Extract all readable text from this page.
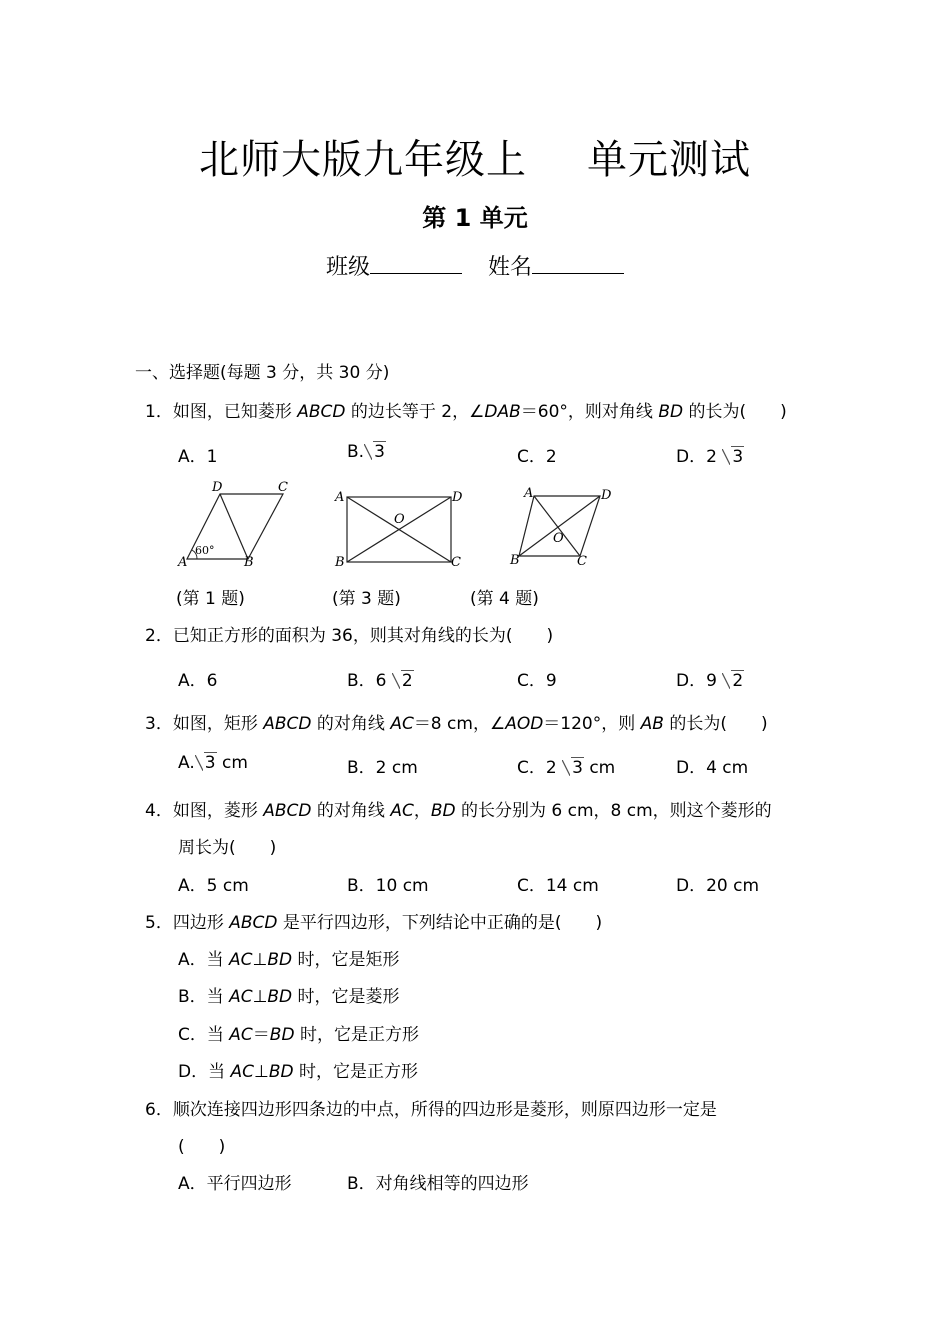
北师大版九年级上 单元测试
第 1 单元
班级	姓名
一、选择题(每题 3 分，共 30 分)
1．如图，已知菱形 ABCD 的边长等于 2，∠DAB＝60°，则对角线 BD 的长为(　　)
A．1	B. 3	C．2	D．2 3
D	C
A	B
60°
A	D
B	C
O
A	D
B	C
O
(第 1 题)	(第 3 题)	(第 4 题)
2．已知正方形的面积为 36，则其对角线的长为(　　)
A．6	B．6 2	C．9	D．9 2
3．如图，矩形 ABCD 的对角线 AC＝8 cm，∠AOD＝120°，则 AB 的长为(　　)
A. 3 cm	B．2 cm	C．2 3 cm	D．4 cm
4．如图，菱形 ABCD 的对角线 AC，BD 的长分别为 6 cm，8 cm，则这个菱形的
周长为(　　)
A．5 cm	B．10 cm	C．14 cm	D．20 cm
5．四边形 ABCD 是平行四边形，下列结论中正确的是(　　)
A．当 AC⊥BD 时，它是矩形
B．当 AC⊥BD 时，它是菱形
C．当 AC＝BD 时，它是正方形
D．当 AC⊥BD 时，它是正方形
6．顺次连接四边形四条边的中点，所得的四边形是菱形，则原四边形一定是
(　　)
A．平行四边形	B．对角线相等的四边形
